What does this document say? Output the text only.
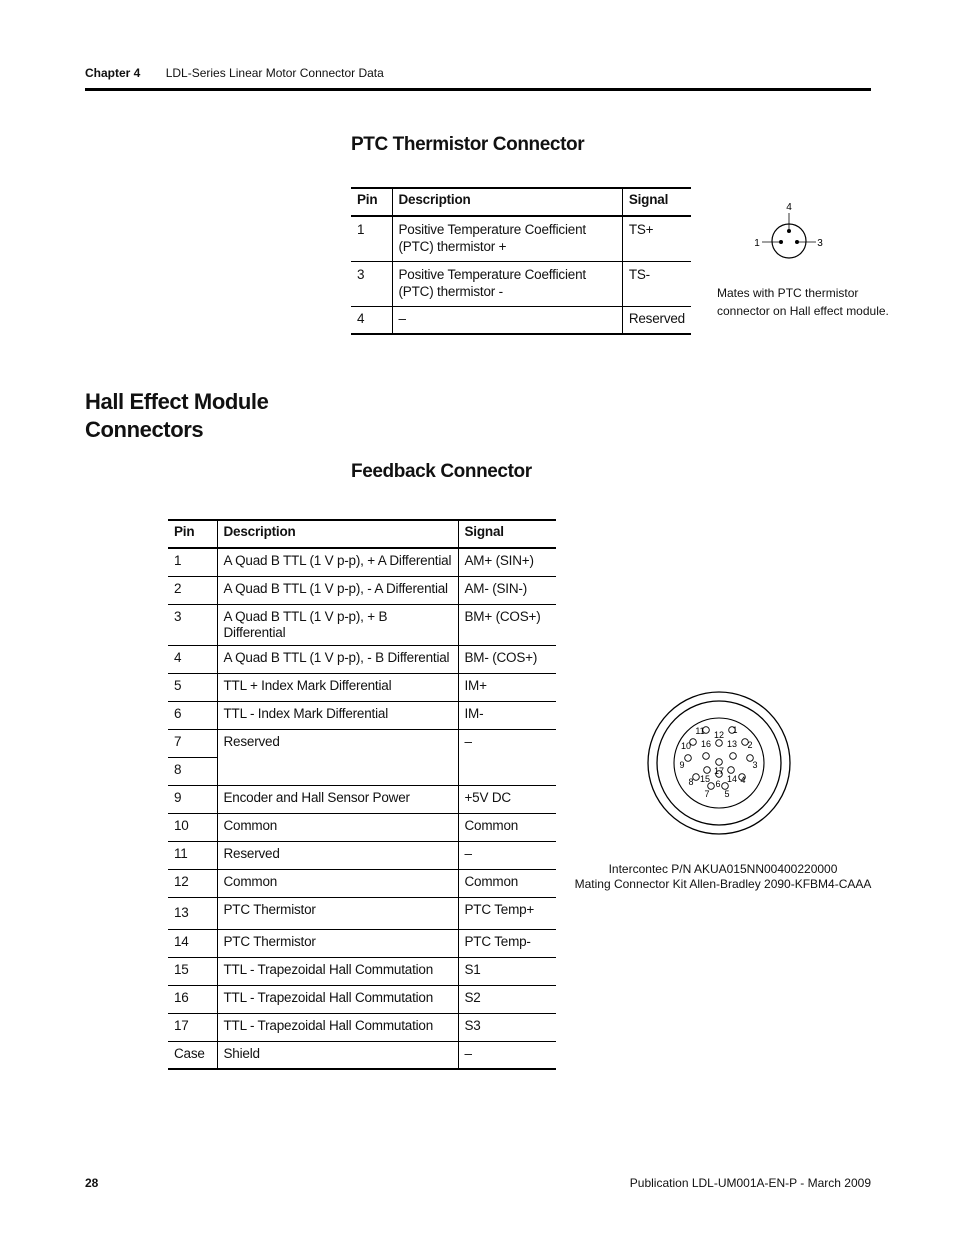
Chapter 4 LDL-Series Linear Motor Connector Data
PTC Thermistor Connector
Pin	Description	Signal
1	Positive Temperature Coefficient (PTC) thermistor +	TS+
3	Positive Temperature Coefficient (PTC) thermistor -	TS-
4	–	Reserved
4
1	3
Mates with PTC thermistor connector on Hall effect module.
Hall Effect Module Connectors
Feedback Connector
Pin	Description	Signal
1	A Quad B TTL (1 V p-p), + A Differential	AM+ (SIN+)
2	A Quad B TTL (1 V p-p), - A Differential	AM- (SIN-)
3	A Quad B TTL (1 V p-p), + B Differential	BM+ (COS+)
4	A Quad B TTL (1 V p-p), - B Differential	BM- (COS+)
5	TTL + Index Mark Differential	IM+
6	TTL - Index Mark Differential	IM-
7	Reserved	–
8		
9	Encoder and Hall Sensor Power	+5V DC
10	Common	Common
11	Reserved	–
12	Common	Common
13	PTC Thermistor	PTC Temp+
14	PTC Thermistor	PTC Temp-
15	TTL - Trapezoidal Hall Commutation	S1
16	TTL - Trapezoidal Hall Commutation	S2
17	TTL - Trapezoidal Hall Commutation	S3
Case	Shield	–
1
2
3
4
5
6
7
8
9
10
11 12
13
14
15
16
17
Intercontec P/N AKUA015NN00400220000
Mating Connector Kit Allen-Bradley 2090-KFBM4-CAAA
28	Publication LDL-UM001A-EN-P - March 2009
